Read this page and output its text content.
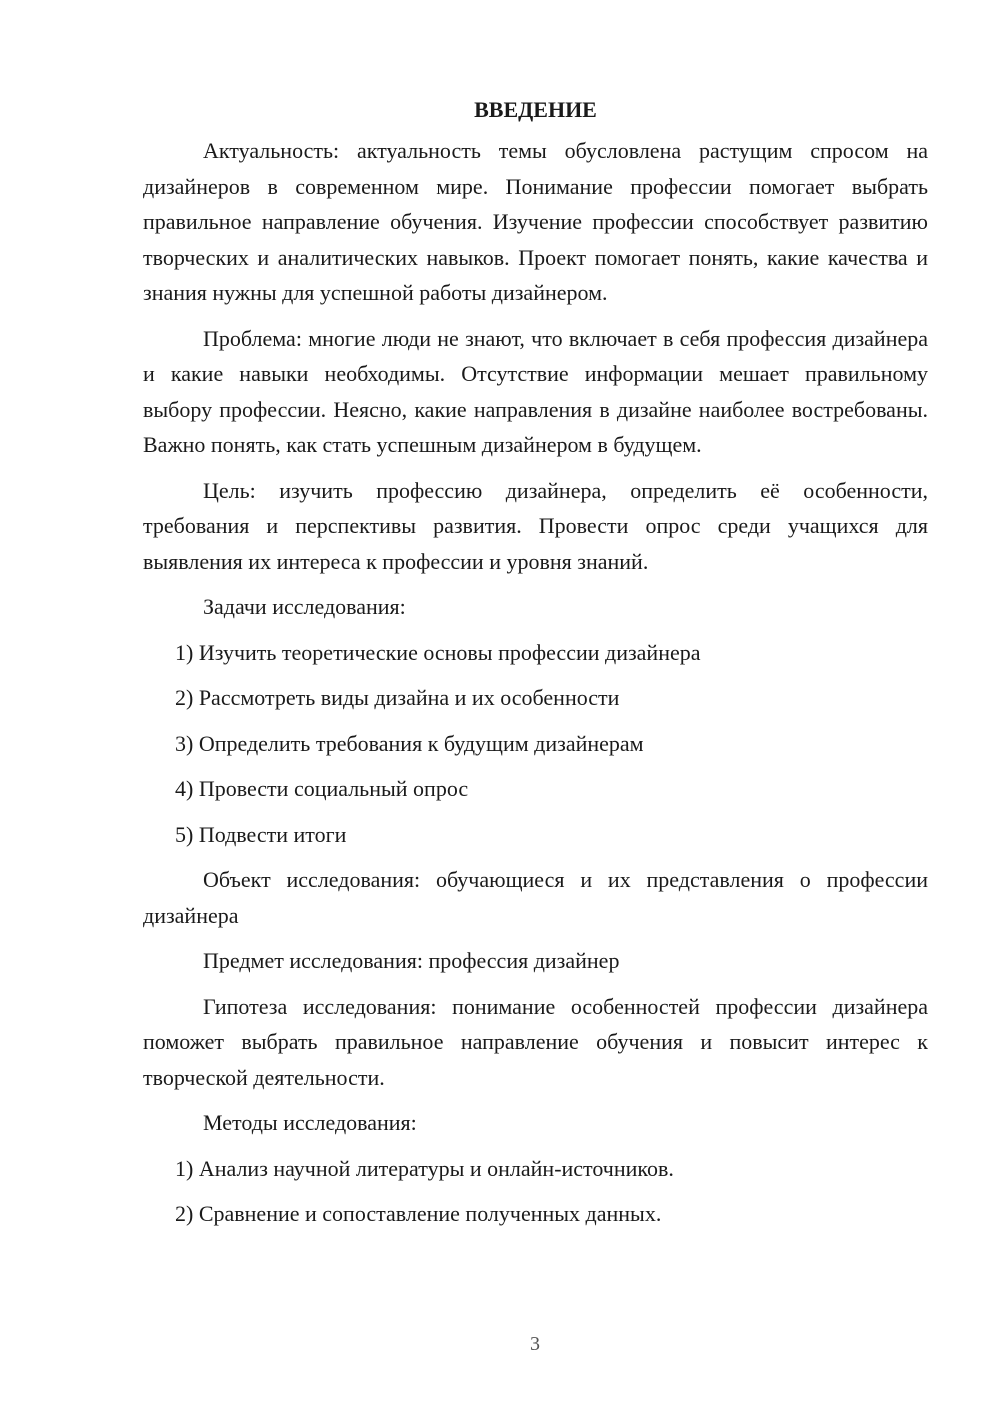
ВВЕДЕНИЕ

Актуальность: актуальность темы обусловлена растущим спросом на дизайнеров в современном мире. Понимание профессии помогает выбрать правильное направление обучения. Изучение профессии способствует развитию творческих и аналитических навыков. Проект помогает понять, какие качества и знания нужны для успешной работы дизайнером.

Проблема: многие люди не знают, что включает в себя профессия дизайнера и какие навыки необходимы. Отсутствие информации мешает правильному выбору профессии. Неясно, какие направления в дизайне наиболее востребованы. Важно понять, как стать успешным дизайнером в будущем.

Цель: изучить профессию дизайнера, определить её особенности, требования и перспективы развития. Провести опрос среди учащихся для выявления их интереса к профессии и уровня знаний.

Задачи исследования:

1) Изучить теоретические основы профессии дизайнера

2) Рассмотреть виды дизайна и их особенности

3) Определить требования к будущим дизайнерам

4) Провести социальный опрос

5) Подвести итоги

Объект исследования: обучающиеся и их представления о профессии дизайнера

Предмет исследования: профессия дизайнер

Гипотеза исследования: понимание особенностей профессии дизайнера поможет выбрать правильное направление обучения и повысит интерес к творческой деятельности.

Методы исследования:

1) Анализ научной литературы и онлайн-источников.

2) Сравнение и сопоставление полученных данных.

3
